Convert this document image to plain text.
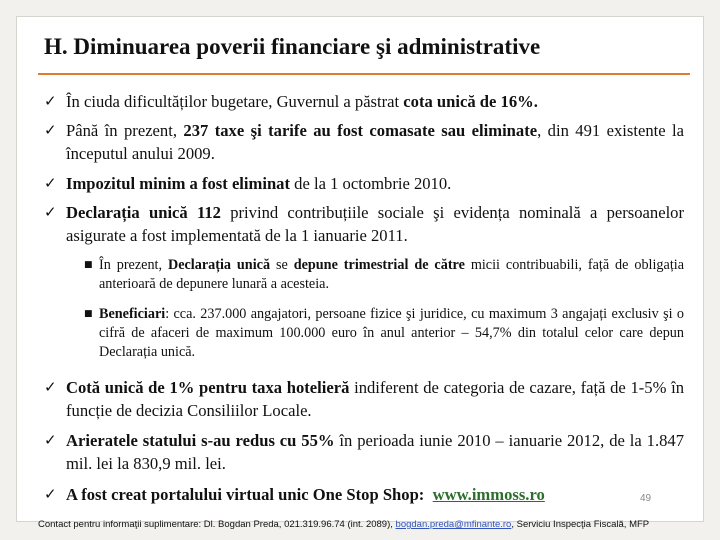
H. Diminuarea poverii financiare şi administrative
✓ În ciuda dificultăților bugetare, Guvernul a păstrat cota unică de 16%.
✓ Până în prezent, 237 taxe şi tarife au fost comasate sau eliminate, din 491 existente la începutul anului 2009.
✓ Impozitul minim a fost eliminat de la 1 octombrie 2010.
✓ Declarația unică 112 privind contribuțiile sociale şi evidența nominală a persoanelor asigurate a fost implementată de la 1 ianuarie 2011.
■ În prezent, Declarația unică se depune trimestrial de către micii contribuabili, față de obligația anterioară de depunere lunară a acesteia.
■ Beneficiari: cca. 237.000 angajatori, persoane fizice şi juridice, cu maximum 3 angajați exclusiv şi o cifră de afaceri de maximum 100.000 euro în anul anterior – 54,7% din totalul celor care depun Declarația unică.
✓ Cotă unică de 1% pentru taxa hotelieră indiferent de categoria de cazare, față de 1-5% în funcție de decizia Consiliilor Locale.
✓ Arieratele statului s-au redus cu 55% în perioada iunie 2010 – ianuarie 2012, de la 1.847 mil. lei la 830,9 mil. lei.
✓ A fost creat portalului virtual unic One Stop Shop: www.immoss.ro	49
Contact pentru informaţii suplimentare: Dl. Bogdan Preda, 021.319.96.74 (int. 2089), bogdan.preda@mfinante.ro, Serviciu Inspecţia Fiscală, MFP
